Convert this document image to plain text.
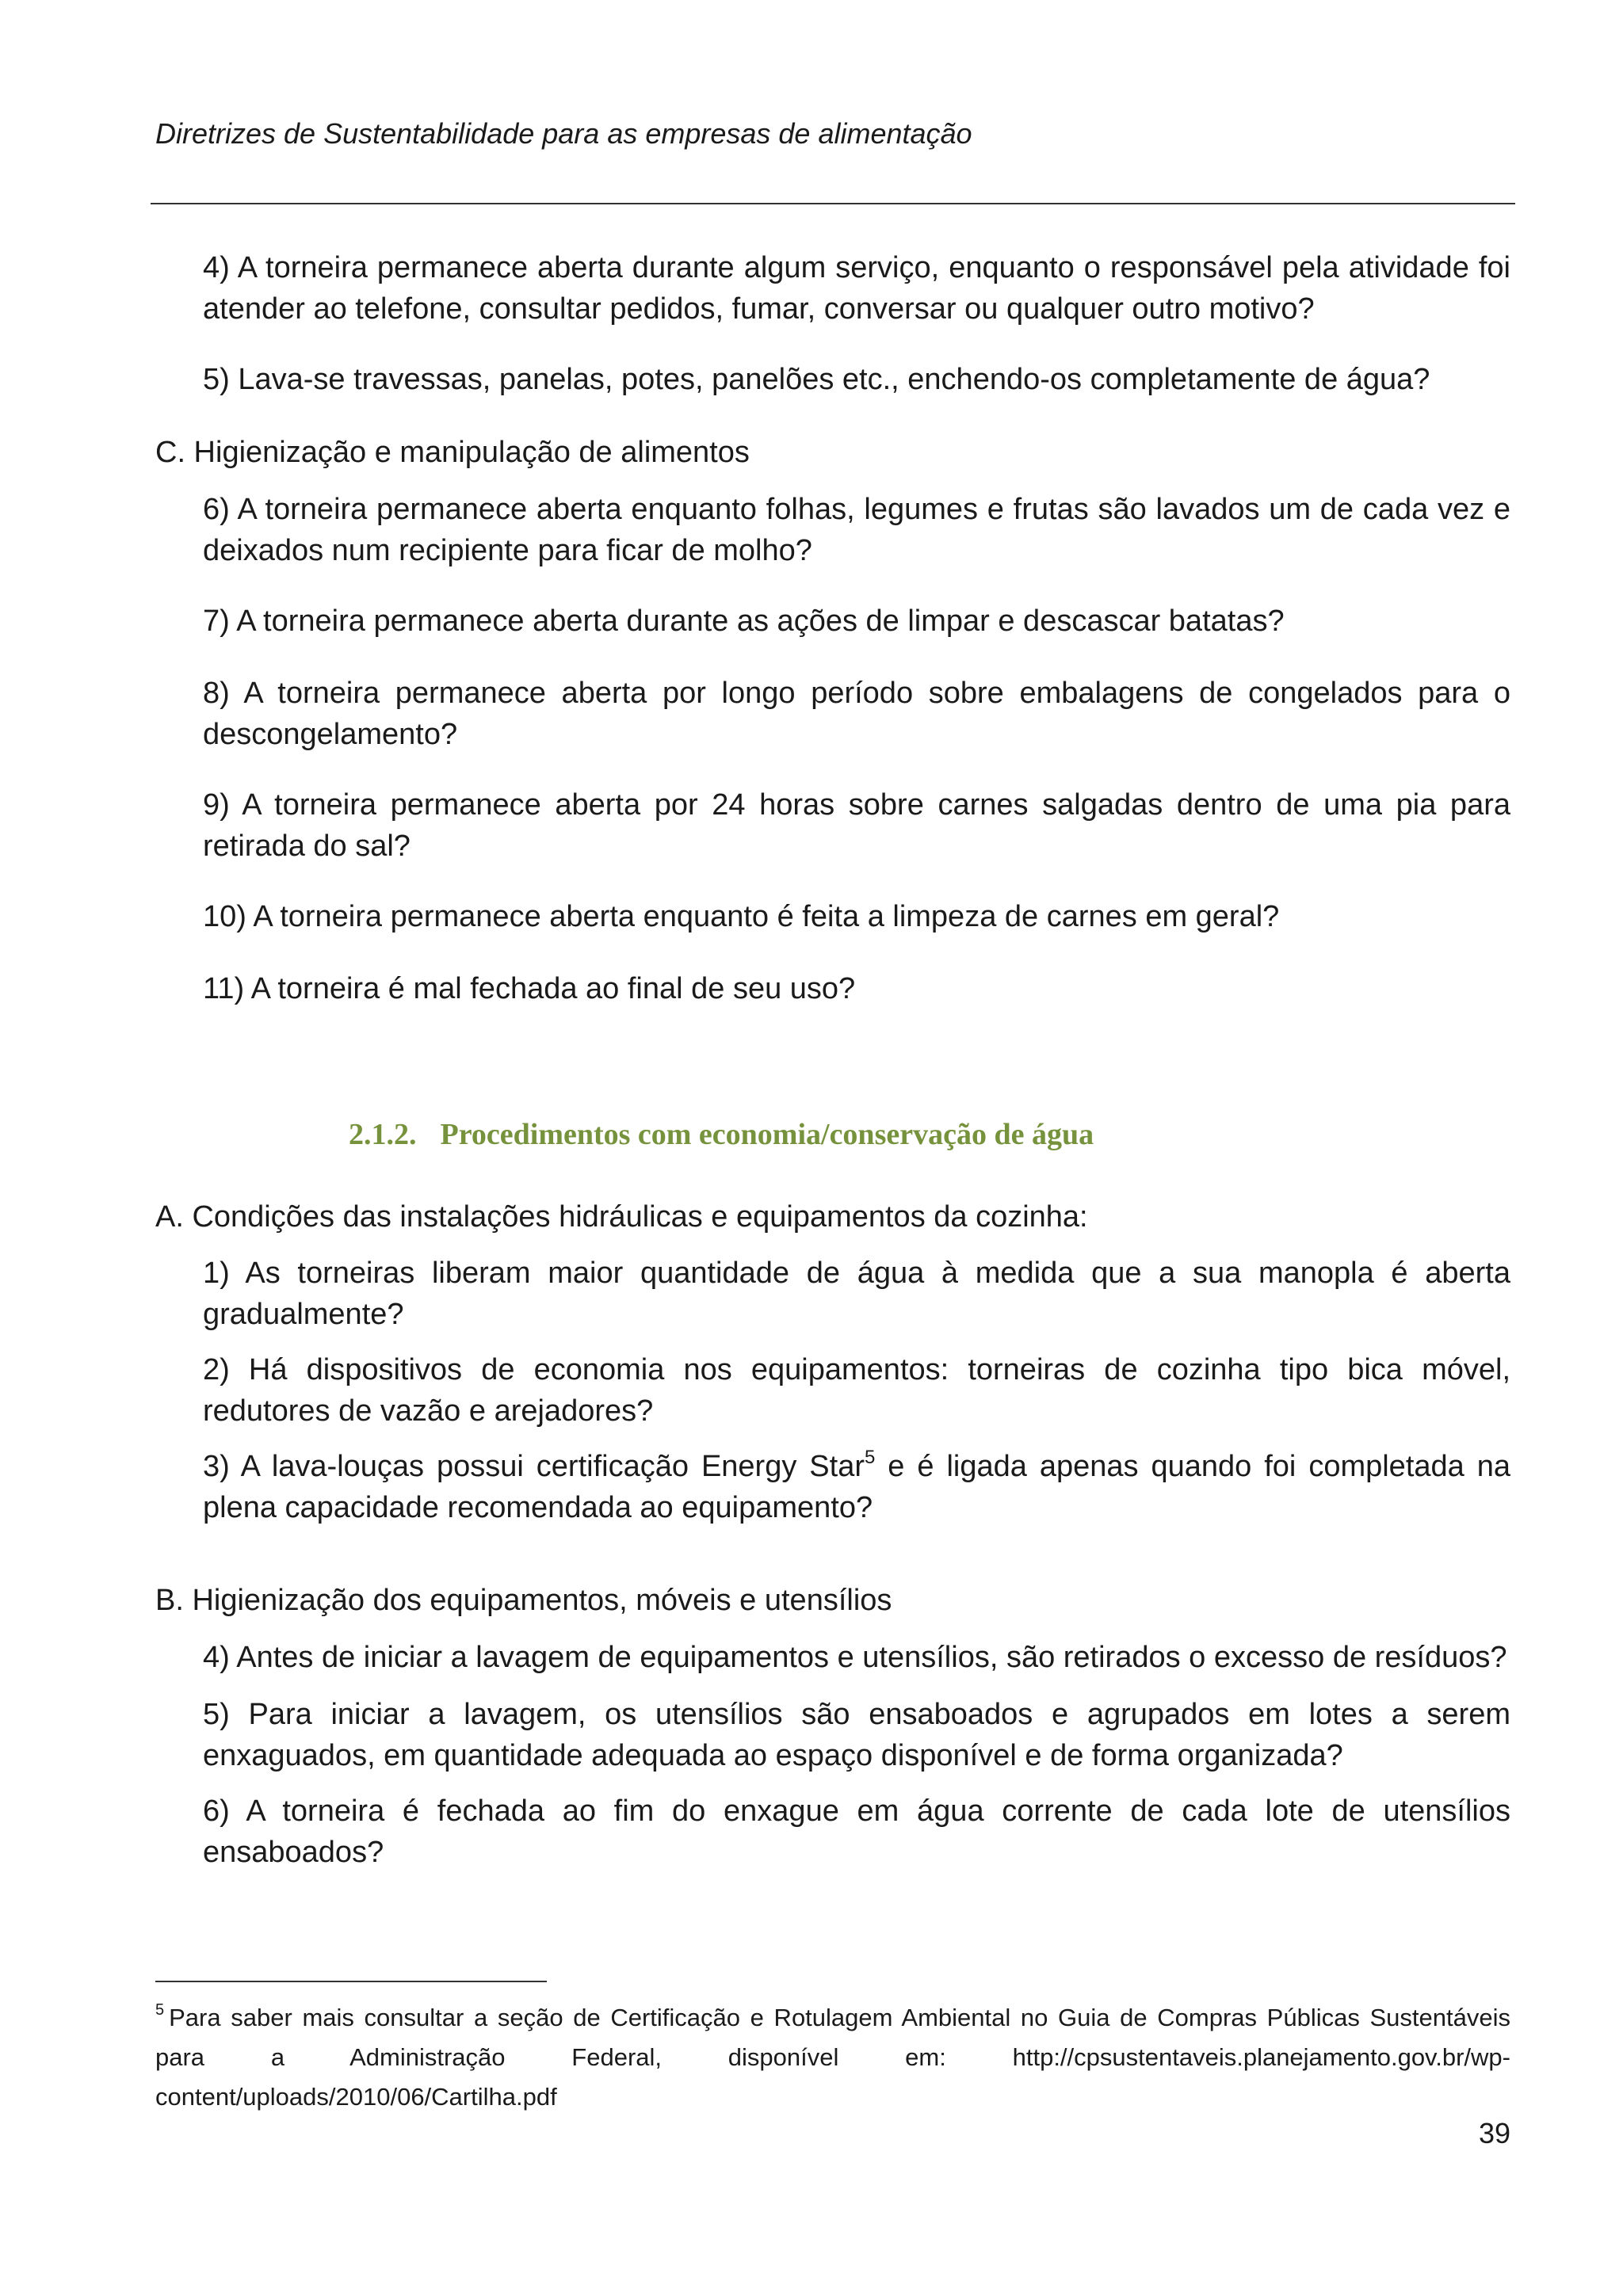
Diretrizes de Sustentabilidade para as empresas de alimentação
4) A torneira permanece aberta durante algum serviço, enquanto o responsável pela atividade foi atender ao telefone, consultar pedidos, fumar, conversar ou qualquer outro motivo?
5) Lava-se travessas, panelas, potes, panelões etc., enchendo-os completamente de água?
C. Higienização e manipulação de alimentos
6) A torneira permanece aberta enquanto folhas, legumes e frutas são lavados um de cada vez e deixados num recipiente para ficar de molho?
7) A torneira permanece aberta durante as ações de limpar e descascar batatas?
8) A torneira permanece aberta por longo período sobre embalagens de congelados para o descongelamento?
9) A torneira permanece aberta por 24 horas sobre carnes salgadas dentro de uma pia para retirada do sal?
10) A torneira permanece aberta enquanto é feita a limpeza de carnes em geral?
11) A torneira é mal fechada ao final de seu uso?
2.1.2. Procedimentos com economia/conservação de água
A. Condições das instalações hidráulicas e equipamentos da cozinha:
1) As torneiras liberam maior quantidade de água à medida que a sua manopla é aberta gradualmente?
2) Há dispositivos de economia nos equipamentos: torneiras de cozinha tipo bica móvel, redutores de vazão e arejadores?
3) A lava-louças possui certificação Energy Star$^5$ e é ligada apenas quando foi completada na plena capacidade recomendada ao equipamento?
B. Higienização dos equipamentos, móveis e utensílios
4) Antes de iniciar a lavagem de equipamentos e utensílios, são retirados o excesso de resíduos?
5) Para iniciar a lavagem, os utensílios são ensaboados e agrupados em lotes a serem enxaguados, em quantidade adequada ao espaço disponível e de forma organizada?
6) A torneira é fechada ao fim do enxague em água corrente de cada lote de utensílios ensaboados?
$^5$ Para saber mais consultar a seção de Certificação e Rotulagem Ambiental no Guia de Compras Públicas Sustentáveis para a Administração Federal, disponível em: http://cpsustentaveis.planejamento.gov.br/wp-content/uploads/2010/06/Cartilha.pdf
39
